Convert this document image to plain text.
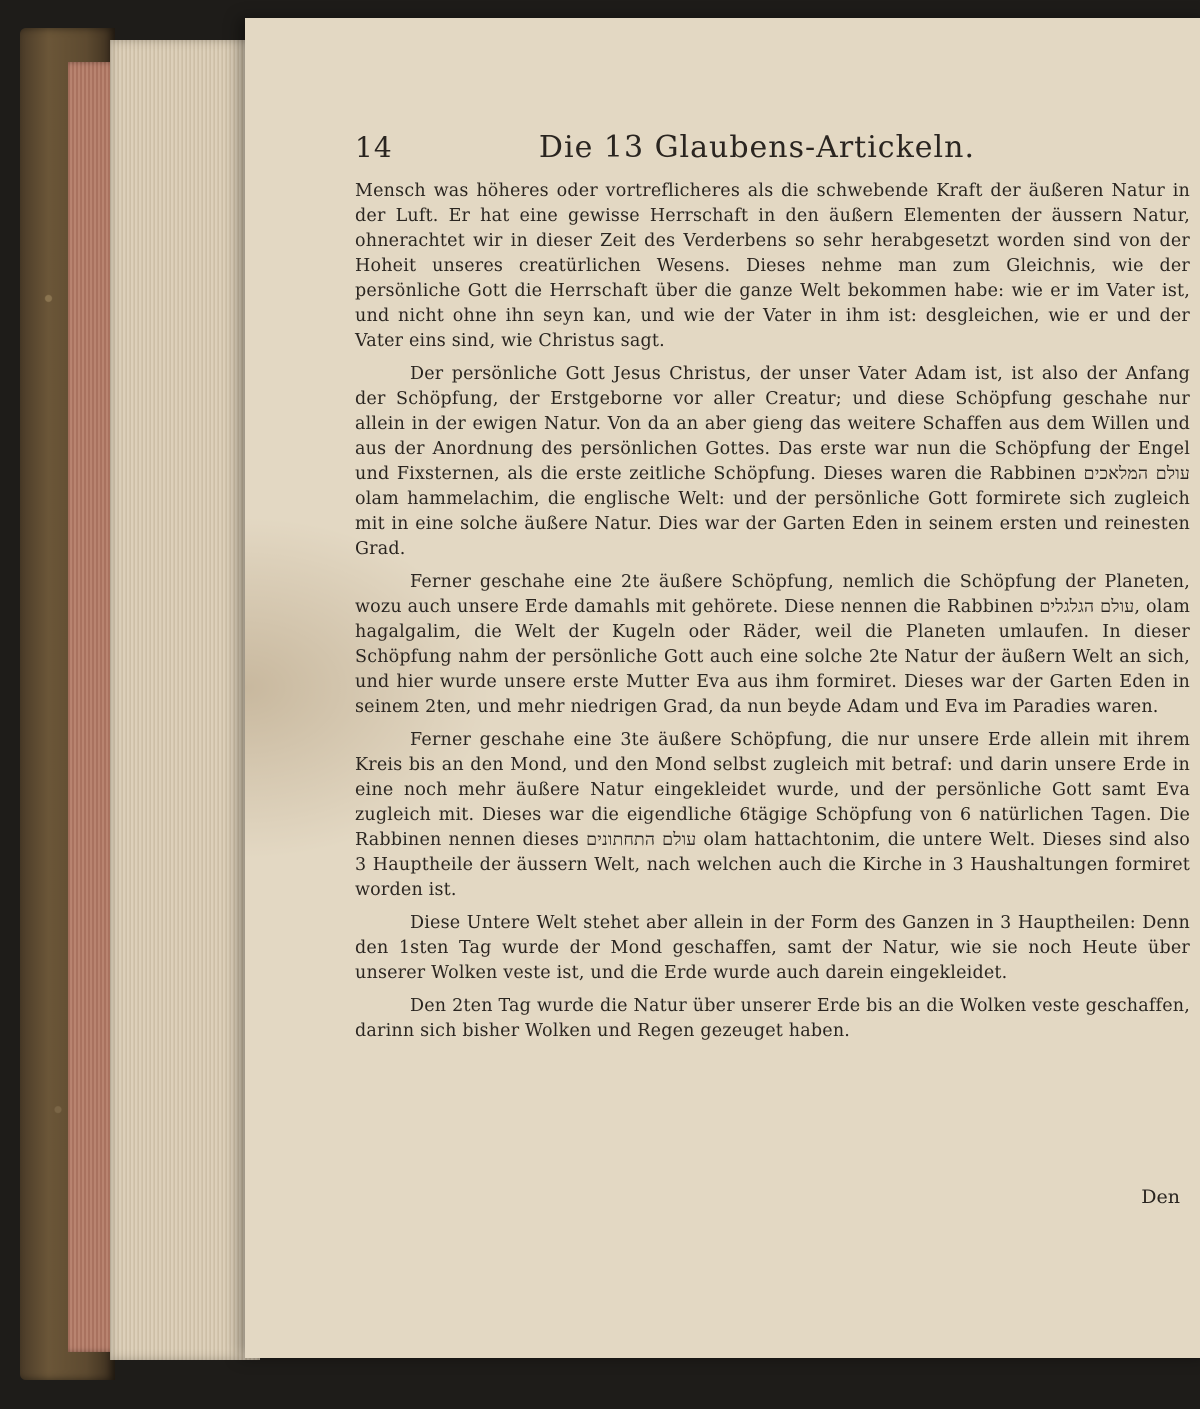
14	Die 13 Glaubens-Artickeln.

Mensch was höheres oder vortreflicheres als die schwebende Kraft der äußeren Natur in der Luft. Er hat eine gewisse Herrschaft in den äußern Elementen der äussern Natur, ohnerachtet wir in dieser Zeit des Verderbens so sehr herabgesetzt worden sind von der Hoheit unseres creatürlichen Wesens. Dieses nehme man zum Gleichnis, wie der persönliche Gott die Herrschaft über die ganze Welt bekommen habe: wie er im Vater ist, und nicht ohne ihn seyn kan, und wie der Vater in ihm ist: desgleichen, wie er und der Vater eins sind, wie Christus sagt.

Der persönliche Gott Jesus Christus, der unser Vater Adam ist, ist also der Anfang der Schöpfung, der Erstgeborne vor aller Creatur; und diese Schöpfung geschahe nur allein in der ewigen Natur. Von da an aber gieng das weitere Schaffen aus dem Willen und aus der Anordnung des persönlichen Gottes. Das erste war nun die Schöpfung der Engel und Fixsternen, als die erste zeitliche Schöpfung. Dieses waren die Rabbinen עולם המלאכים olam hammelachim, die englische Welt: und der persönliche Gott formirete sich zugleich mit in eine solche äußere Natur. Dies war der Garten Eden in seinem ersten und reinesten Grad.

Ferner geschahe eine 2te äußere Schöpfung, nemlich die Schöpfung der Planeten, wozu auch unsere Erde damahls mit gehörete. Diese nennen die Rabbinen עולם הגלגלים, olam hagalgalim, die Welt der Kugeln oder Räder, weil die Planeten umlaufen. In dieser Schöpfung nahm der persönliche Gott auch eine solche 2te Natur der äußern Welt an sich, und hier wurde unsere erste Mutter Eva aus ihm formiret. Dieses war der Garten Eden in seinem 2ten, und mehr niedrigen Grad, da nun beyde Adam und Eva im Paradies waren.

Ferner geschahe eine 3te äußere Schöpfung, die nur unsere Erde allein mit ihrem Kreis bis an den Mond, und den Mond selbst zugleich mit betraf: und darin unsere Erde in eine noch mehr äußere Natur eingekleidet wurde, und der persönliche Gott samt Eva zugleich mit. Dieses war die eigendliche 6tägige Schöpfung von 6 natürlichen Tagen. Die Rabbinen nennen dieses עולם התחתונים olam hattachtonim, die untere Welt. Dieses sind also 3 Hauptheile der äussern Welt, nach welchen auch die Kirche in 3 Haushaltungen formiret worden ist.

Diese Untere Welt stehet aber allein in der Form des Ganzen in 3 Hauptheilen: Denn den 1sten Tag wurde der Mond geschaffen, samt der Natur, wie sie noch Heute über unserer Wolken veste ist, und die Erde wurde auch darein eingekleidet.

Den 2ten Tag wurde die Natur über unserer Erde bis an die Wolken veste geschaffen, darinn sich bisher Wolken und Regen gezeuget haben.

Den
